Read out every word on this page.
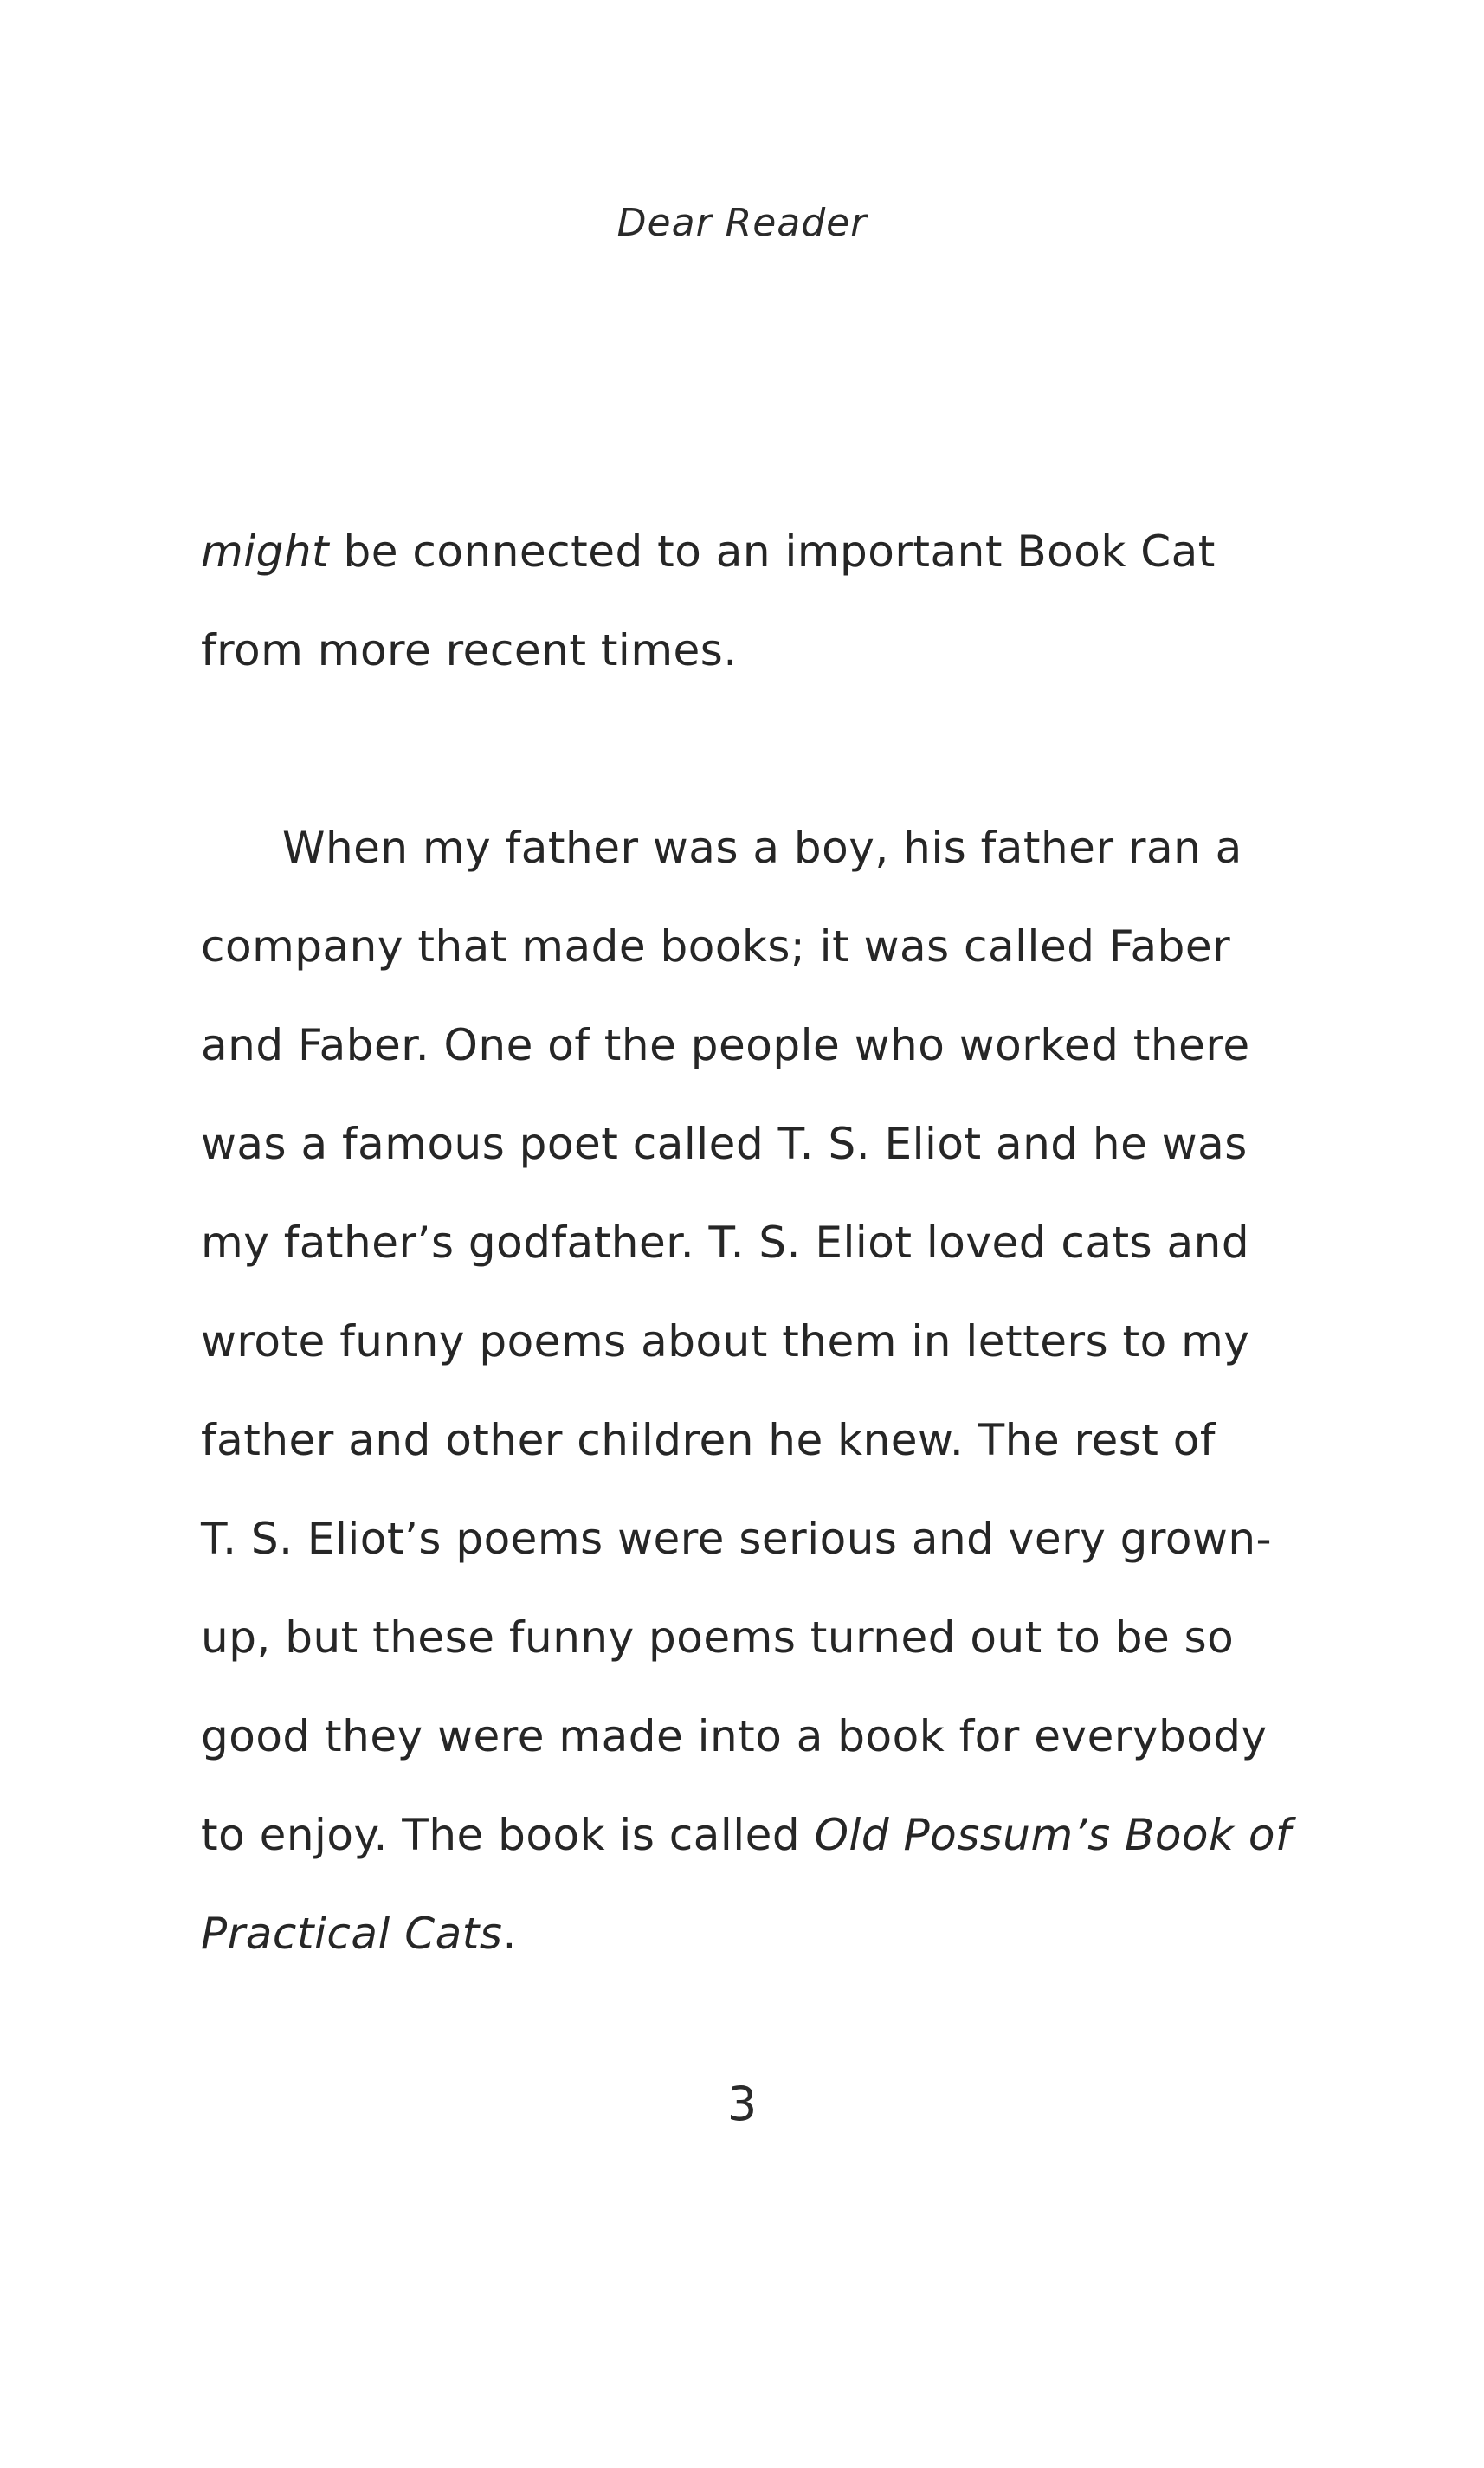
Dear Reader
might be connected to an important Book Cat
from more recent times.
When my father was a boy, his father ran a
company that made books; it was called Faber
and Faber. One of the people who worked there
was a famous poet called T. S. Eliot and he was
my father’s godfather. T. S. Eliot loved cats and
wrote funny poems about them in letters to my
father and other children he knew. The rest of
T. S. Eliot’s poems were serious and very grown-
up, but these funny poems turned out to be so
good they were made into a book for everybody
to enjoy. The book is called Old Possum’s Book of
Practical Cats.
3
